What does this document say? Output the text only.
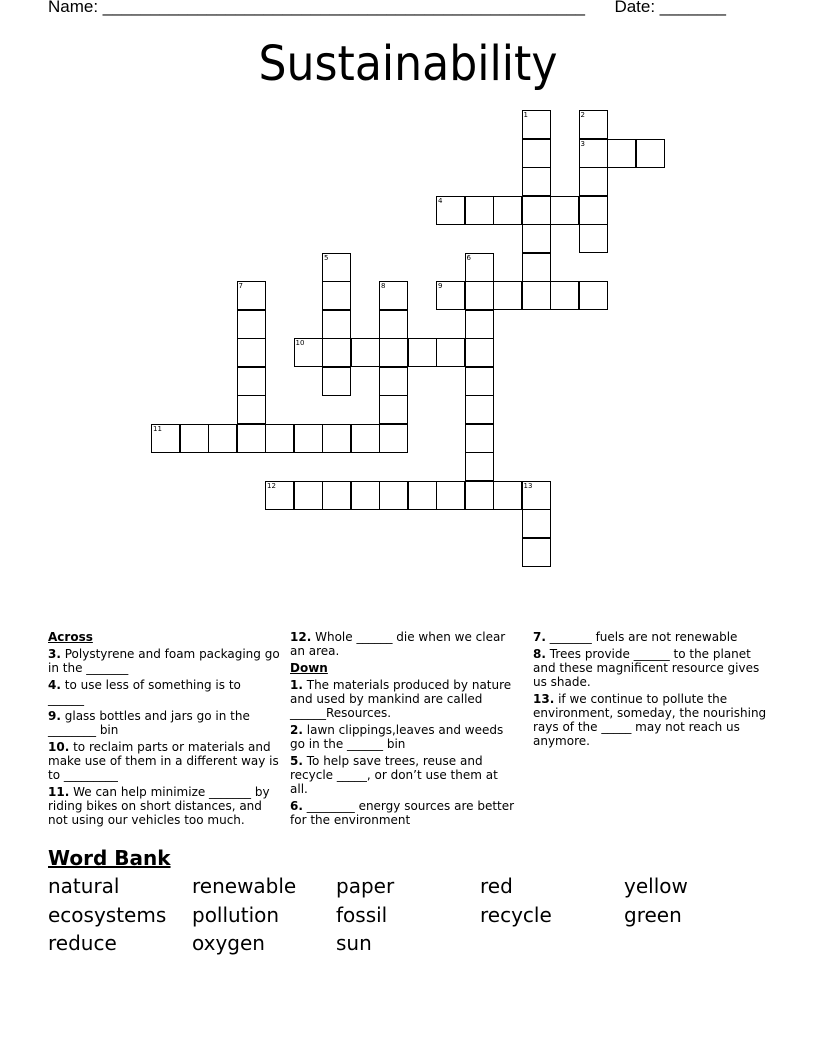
Name: ___________________________________________________ Date: _______
Sustainability
1	2
3
4
5	6
7	8	9
10
11
12	13
Across
3. Polystyrene and foam packaging go in the _______
4. to use less of something is to ______
9. glass bottles and jars go in the ________ bin
10. to reclaim parts or materials and make use of them in a different way is to _________
11. We can help minimize _______ by riding bikes on short distances, and not using our vehicles too much.
12. Whole ______ die when we clear an area.
Down
1. The materials produced by nature and used by mankind are called ______Resources.
2. lawn clippings,leaves and weeds go in the ______ bin
5. To help save trees, reuse and recycle _____, or don’t use them at all.
6. ________ energy sources are better for the environment
7. _______ fuels are not renewable
8. Trees provide ______ to the planet and these magnificent resource gives us shade.
13. if we continue to pollute the environment, someday, the nourishing rays of the _____ may not reach us anymore.
Word Bank
natural	renewable paper	red	yellow
ecosystems pollution	fossil	recycle	green
reduce	oxygen	sun
